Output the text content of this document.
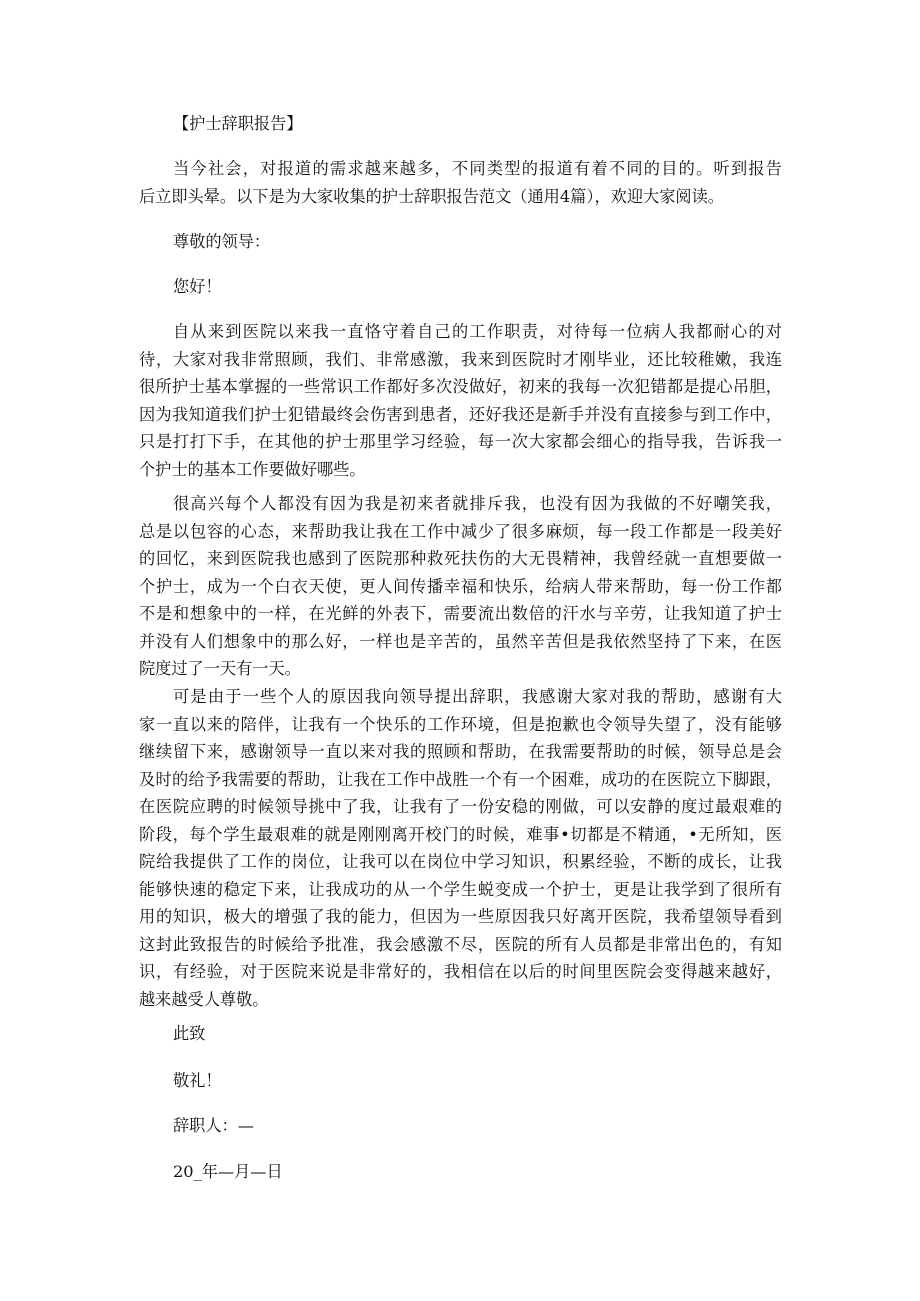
【护士辞职报告】

当今社会，对报道的需求越来越多，不同类型的报道有着不同的目的。听到报告
后立即头晕。以下是为大家收集的护士辞职报告范文（通用4篇），欢迎大家阅读。

尊敬的领导：

您好！

自从来到医院以来我一直恪守着自己的工作职责，对待每一位病人我都耐心的对
待，大家对我非常照顾，我们、非常感激，我来到医院时才刚毕业，还比较稚嫩，我连
很所护士基本掌握的一些常识工作都好多次没做好，初来的我每一次犯错都是提心吊胆，
因为我知道我们护士犯错最终会伤害到患者，还好我还是新手并没有直接参与到工作中，
只是打打下手，在其他的护士那里学习经验，每一次大家都会细心的指导我，告诉我一
个护士的基本工作要做好哪些。
很高兴每个人都没有因为我是初来者就排斥我，也没有因为我做的不好嘲笑我，
总是以包容的心态，来帮助我让我在工作中减少了很多麻烦，每一段工作都是一段美好
的回忆，来到医院我也感到了医院那种救死扶伤的大无畏精神，我曾经就一直想要做一
个护士，成为一个白衣天使，更人间传播幸福和快乐，给病人带来帮助，每一份工作都
不是和想象中的一样，在光鲜的外表下，需要流出数倍的汗水与辛劳，让我知道了护士
并没有人们想象中的那么好，一样也是辛苦的，虽然辛苦但是我依然坚持了下来，在医
院度过了一天有一天。
可是由于一些个人的原因我向领导提出辞职，我感谢大家对我的帮助，感谢有大
家一直以来的陪伴，让我有一个快乐的工作环境，但是抱歉也令领导失望了，没有能够
继续留下来，感谢领导一直以来对我的照顾和帮助，在我需要帮助的时候，领导总是会
及时的给予我需要的帮助，让我在工作中战胜一个有一个困难，成功的在医院立下脚跟，
在医院应聘的时候领导挑中了我，让我有了一份安稳的刚做，可以安静的度过最艰难的
阶段，每个学生最艰难的就是刚刚离开校门的时候，难事•切都是不精通，•无所知，医
院给我提供了工作的岗位，让我可以在岗位中学习知识，积累经验，不断的成长，让我
能够快速的稳定下来，让我成功的从一个学生蜕变成一个护士，更是让我学到了很所有
用的知识，极大的增强了我的能力，但因为一些原因我只好离开医院，我希望领导看到
这封此致报告的时候给予批准，我会感激不尽，医院的所有人员都是非常出色的，有知
识，有经验，对于医院来说是非常好的，我相信在以后的时间里医院会变得越来越好，
越来越受人尊敬。

此致

敬礼！

辞职人：—

20_年—月—日
